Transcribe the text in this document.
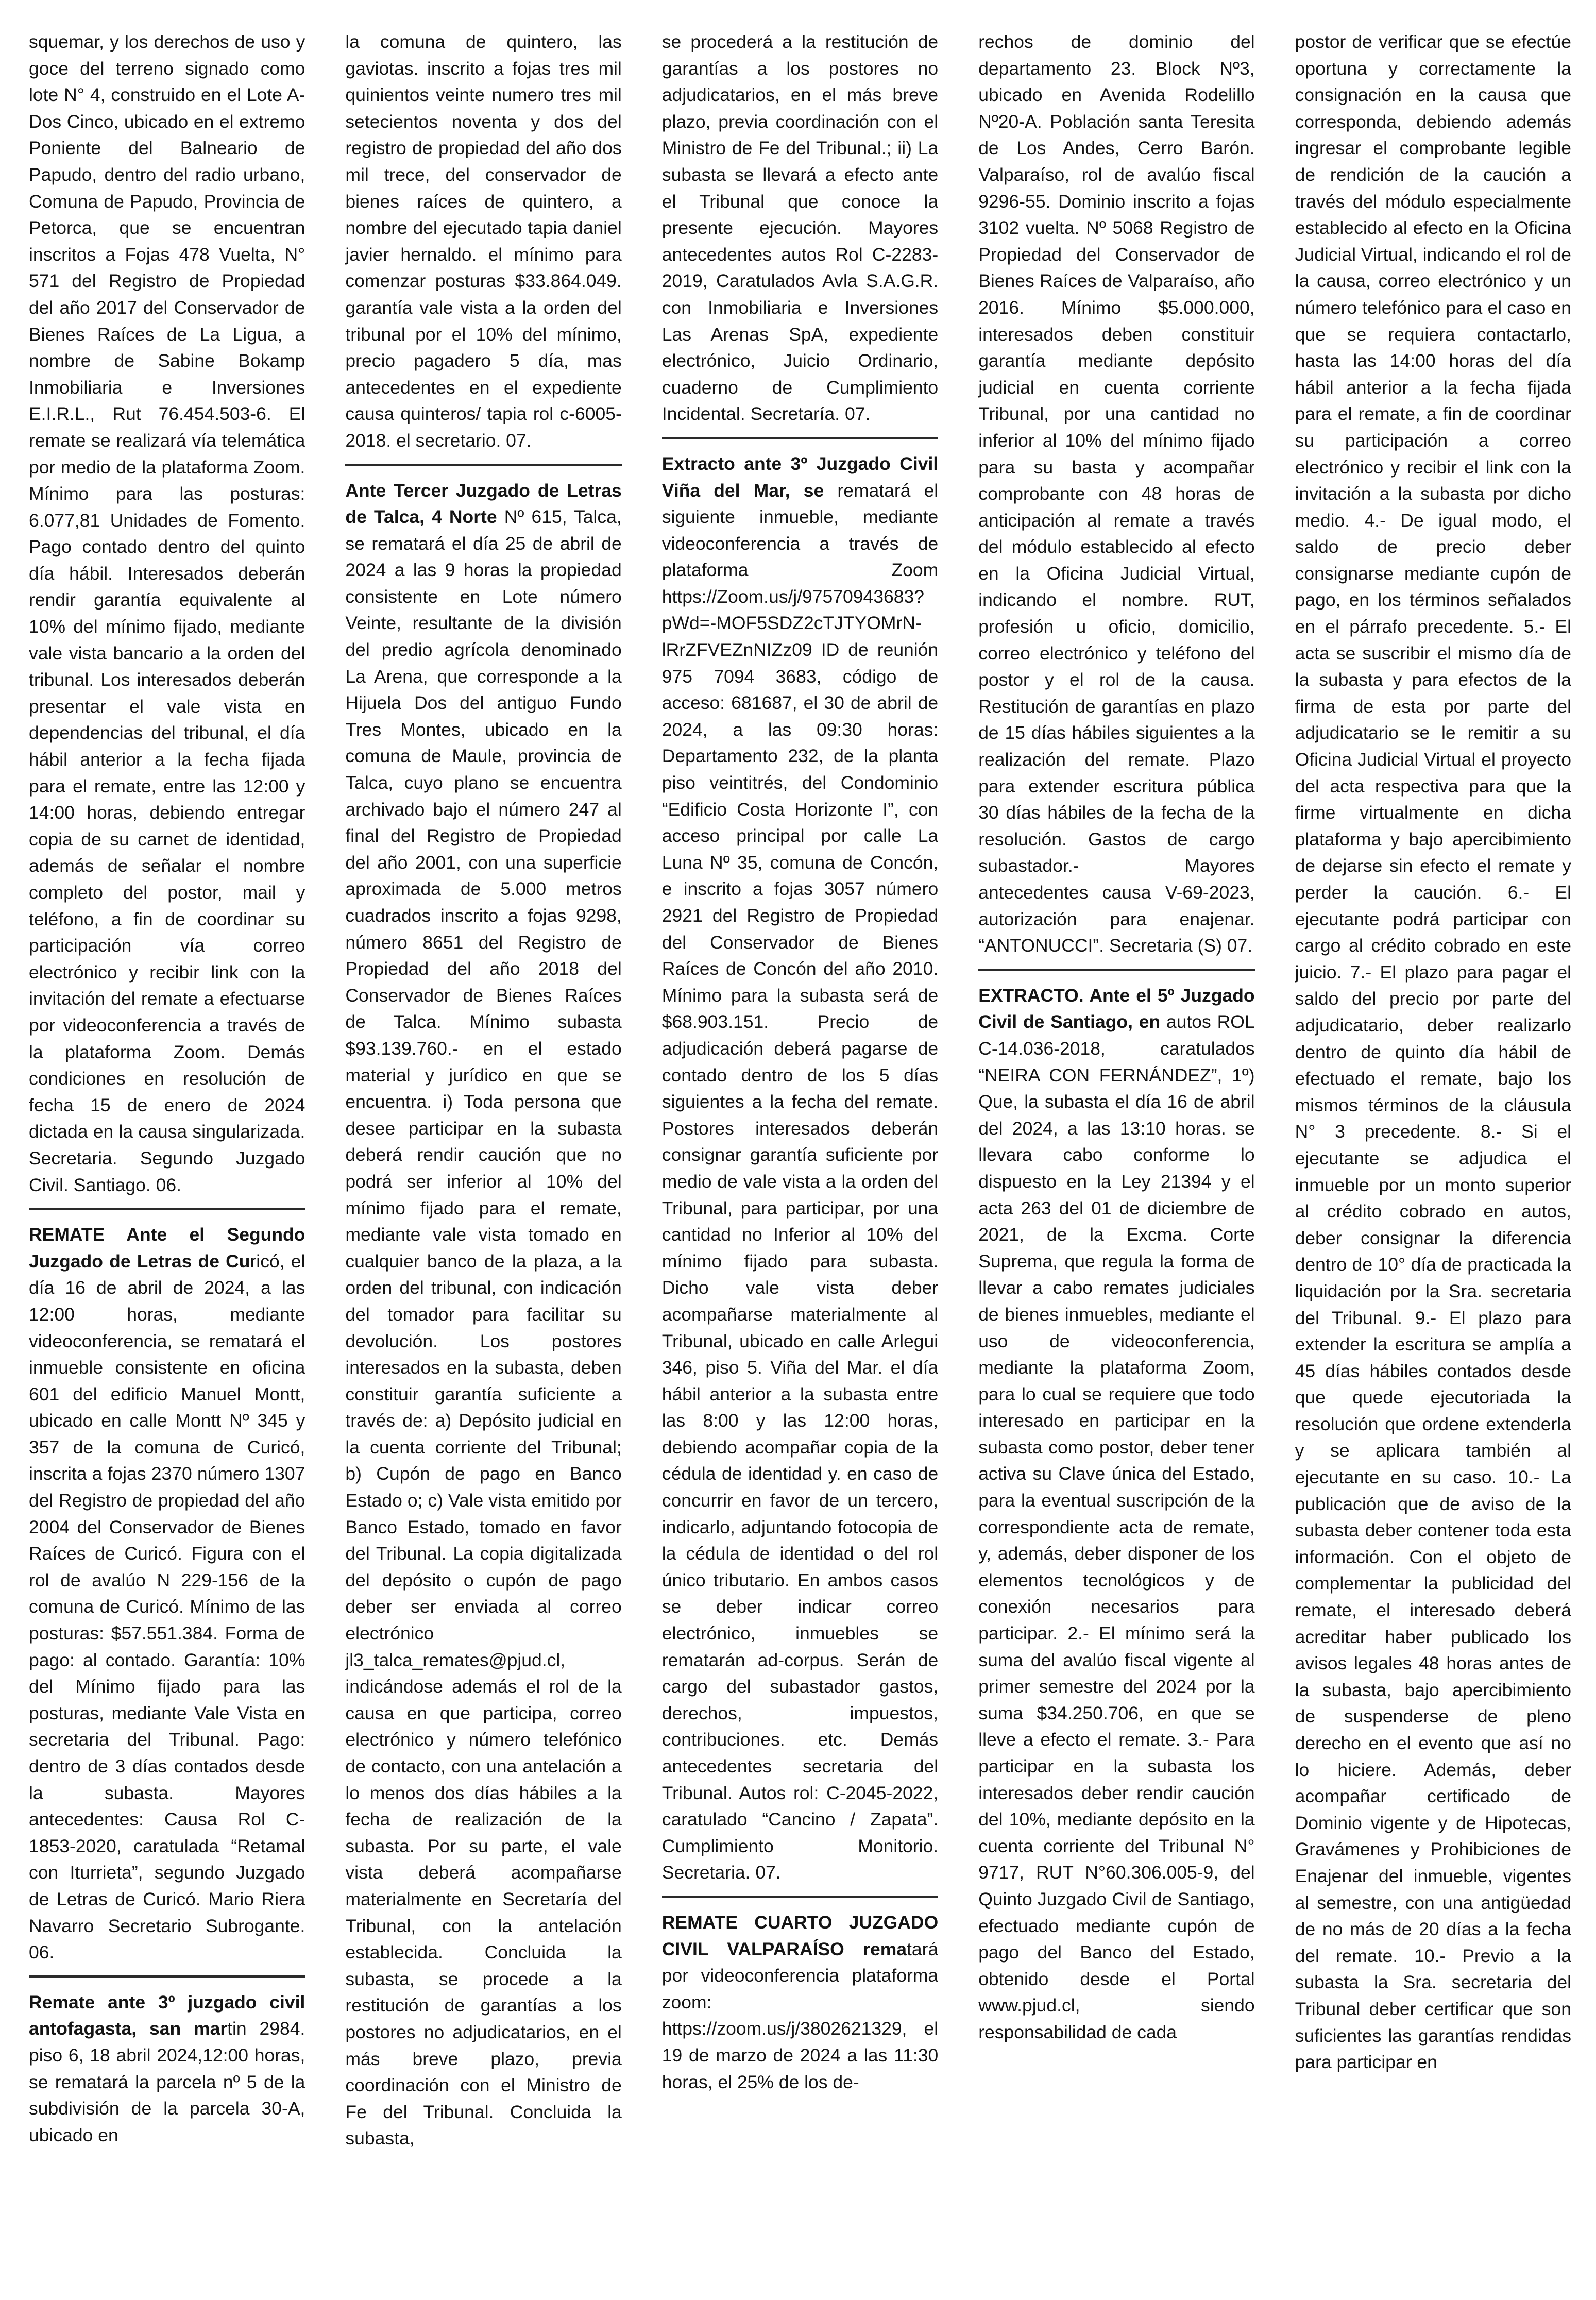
squemar, y los derechos de uso y goce del terreno signado como lote N° 4, construido en el Lote A-Dos Cinco, ubicado en el extremo Poniente del Balneario de Papudo, dentro del radio urbano, Comuna de Papudo, Provincia de Petorca, que se encuentran inscritos a Fojas 478 Vuelta, N° 571 del Registro de Propiedad del año 2017 del Conservador de Bienes Raíces de La Ligua, a nombre de Sabine Bokamp Inmobiliaria e Inversiones E.I.R.L., Rut 76.454.503-6. El remate se realizará vía telemática por medio de la plataforma Zoom. Mínimo para las posturas: 6.077,81 Unidades de Fomento. Pago contado dentro del quinto día hábil. Interesados deberán rendir garantía equivalente al 10% del mínimo fijado, mediante vale vista bancario a la orden del tribunal. Los interesados deberán presentar el vale vista en dependencias del tribunal, el día hábil anterior a la fecha fijada para el remate, entre las 12:00 y 14:00 horas, debiendo entregar copia de su carnet de identidad, además de señalar el nombre completo del postor, mail y teléfono, a fin de coordinar su participación vía correo electrónico y recibir link con la invitación del remate a efectuarse por videoconferencia a través de la plataforma Zoom. Demás condiciones en resolución de fecha 15 de enero de 2024 dictada en la causa singularizada. Secretaria. Segundo Juzgado Civil. Santiago. 06.

REMATE Ante el Segundo Juzgado de Letras de Curicó, el día 16 de abril de 2024, a las 12:00 horas, mediante videoconferencia, se rematará el inmueble consistente en oficina 601 del edificio Manuel Montt, ubicado en calle Montt Nº 345 y 357 de la comuna de Curicó, inscrita a fojas 2370 número 1307 del Registro de propiedad del año 2004 del Conservador de Bienes Raíces de Curicó. Figura con el rol de avalúo N 229-156 de la comuna de Curicó. Mínimo de las posturas: $57.551.384. Forma de pago: al contado. Garantía: 10% del Mínimo fijado para las posturas, mediante Vale Vista en secretaria del Tribunal. Pago: dentro de 3 días contados desde la subasta. Mayores antecedentes: Causa Rol C-1853-2020, caratulada “Retamal con Iturrieta”, segundo Juzgado de Letras de Curicó. Mario Riera Navarro Secretario Subrogante. 06.

Remate ante 3º juzgado civil antofagasta, san martin 2984. piso 6, 18 abril 2024,12:00 horas, se rematará la parcela nº 5 de la subdivisión de la parcela 30-A, ubicado en

la comuna de quintero, las gaviotas. inscrito a fojas tres mil quinientos veinte numero tres mil setecientos noventa y dos del registro de propiedad del año dos mil trece, del conservador de bienes raíces de quintero, a nombre del ejecutado tapia daniel javier hernaldo. el mínimo para comenzar posturas $33.864.049. garantía vale vista a la orden del tribunal por el 10% del mínimo, precio pagadero 5 día, mas antecedentes en el expediente causa quinteros/ tapia rol c-6005-2018. el secretario. 07.

Ante Tercer Juzgado de Letras de Talca, 4 Norte Nº 615, Talca, se rematará el día 25 de abril de 2024 a las 9 horas la propiedad consistente en Lote número Veinte, resultante de la división del predio agrícola denominado La Arena, que corresponde a la Hijuela Dos del antiguo Fundo Tres Montes, ubicado en la comuna de Maule, provincia de Talca, cuyo plano se encuentra archivado bajo el número 247 al final del Registro de Propiedad del año 2001, con una superficie aproximada de 5.000 metros cuadrados inscrito a fojas 9298, número 8651 del Registro de Propiedad del año 2018 del Conservador de Bienes Raíces de Talca. Mínimo subasta $93.139.760.- en el estado material y jurídico en que se encuentra. i) Toda persona que desee participar en la subasta deberá rendir caución que no podrá ser inferior al 10% del mínimo fijado para el remate, mediante vale vista tomado en cualquier banco de la plaza, a la orden del tribunal, con indicación del tomador para facilitar su devolución. Los postores interesados en la subasta, deben constituir garantía suficiente a través de: a) Depósito judicial en la cuenta corriente del Tribunal; b) Cupón de pago en Banco Estado o; c) Vale vista emitido por Banco Estado, tomado en favor del Tribunal. La copia digitalizada del depósito o cupón de pago deber ser enviada al correo electrónico jl3_talca_remates@pjud.cl, indicándose además el rol de la causa en que participa, correo electrónico y número telefónico de contacto, con una antelación a lo menos dos días hábiles a la fecha de realización de la subasta. Por su parte, el vale vista deberá acompañarse materialmente en Secretaría del Tribunal, con la antelación establecida. Concluida la subasta, se procede a la restitución de garantías a los postores no adjudicatarios, en el más breve plazo, previa coordinación con el Ministro de Fe del Tribunal. Concluida la subasta,

se procederá a la restitución de garantías a los postores no adjudicatarios, en el más breve plazo, previa coordinación con el Ministro de Fe del Tribunal.; ii) La subasta se llevará a efecto ante el Tribunal que conoce la presente ejecución. Mayores antecedentes autos Rol C-2283-2019, Caratulados Avla S.A.G.R. con Inmobiliaria e Inversiones Las Arenas SpA, expediente electrónico, Juicio Ordinario, cuaderno de Cumplimiento Incidental. Secretaría. 07.

Extracto ante 3º Juzgado Civil Viña del Mar, se rematará el siguiente inmueble, mediante videoconferencia a través de plataforma Zoom https://Zoom.us/j/97570943683?pWd=-MOF5SDZ2cTJTYOMrN-lRrZFVEZnNIZz09 ID de reunión 975 7094 3683, código de acceso: 681687, el 30 de abril de 2024, a las 09:30 horas: Departamento 232, de la planta piso veintitrés, del Condominio “Edificio Costa Horizonte I”, con acceso principal por calle La Luna Nº 35, comuna de Concón, e inscrito a fojas 3057 número 2921 del Registro de Propiedad del Conservador de Bienes Raíces de Concón del año 2010. Mínimo para la subasta será de $68.903.151. Precio de adjudicación deberá pagarse de contado dentro de los 5 días siguientes a la fecha del remate. Postores interesados deberán consignar garantía suficiente por medio de vale vista a la orden del Tribunal, para participar, por una cantidad no Inferior al 10% del mínimo fijado para subasta. Dicho vale vista deber acompañarse materialmente al Tribunal, ubicado en calle Arlegui 346, piso 5. Viña del Mar. el día hábil anterior a la subasta entre las 8:00 y las 12:00 horas, debiendo acompañar copia de la cédula de identidad y. en caso de concurrir en favor de un tercero, indicarlo, adjuntando fotocopia de la cédula de identidad o del rol único tributario. En ambos casos se deber indicar correo electrónico, inmuebles se rematarán ad-corpus. Serán de cargo del subastador gastos, derechos, impuestos, contribuciones. etc. Demás antecedentes secretaria del Tribunal. Autos rol: C-2045-2022, caratulado “Cancino / Zapata”. Cumplimiento Monitorio. Secretaria. 07.

REMATE CUARTO JUZGADO CIVIL VALPARAÍSO rematará por videoconferencia plataforma zoom: https://zoom.us/j/3802621329, el 19 de marzo de 2024 a las 11:30 horas, el 25% de los de-

rechos de dominio del departamento 23. Block Nº3, ubicado en Avenida Rodelillo Nº20-A. Población santa Teresita de Los Andes, Cerro Barón. Valparaíso, rol de avalúo fiscal 9296-55. Dominio inscrito a fojas 3102 vuelta. Nº 5068 Registro de Propiedad del Conservador de Bienes Raíces de Valparaíso, año 2016. Mínimo $5.000.000, interesados deben constituir garantía mediante depósito judicial en cuenta corriente Tribunal, por una cantidad no inferior al 10% del mínimo fijado para su basta y acompañar comprobante con 48 horas de anticipación al remate a través del módulo establecido al efecto en la Oficina Judicial Virtual, indicando el nombre. RUT, profesión u oficio, domicilio, correo electrónico y teléfono del postor y el rol de la causa. Restitución de garantías en plazo de 15 días hábiles siguientes a la realización del remate. Plazo para extender escritura pública 30 días hábiles de la fecha de la resolución. Gastos de cargo subastador.- Mayores antecedentes causa V-69-2023, autorización para enajenar. “ANTONUCCI”. Secretaria (S) 07.

EXTRACTO. Ante el 5º Juzgado Civil de Santiago, en autos ROL C-14.036-2018, caratulados “NEIRA CON FERNÁNDEZ”, 1º) Que, la subasta el día 16 de abril del 2024, a las 13:10 horas. se llevara cabo conforme lo dispuesto en la Ley 21394 y el acta 263 del 01 de diciembre de 2021, de la Excma. Corte Suprema, que regula la forma de llevar a cabo remates judiciales de bienes inmuebles, mediante el uso de videoconferencia, mediante la plataforma Zoom, para lo cual se requiere que todo interesado en participar en la subasta como postor, deber tener activa su Clave única del Estado, para la eventual suscripción de la correspondiente acta de remate, y, además, deber disponer de los elementos tecnológicos y de conexión necesarios para participar. 2.- El mínimo será la suma del avalúo fiscal vigente al primer semestre del 2024 por la suma $34.250.706, en que se lleve a efecto el remate. 3.- Para participar en la subasta los interesados deber rendir caución del 10%, mediante depósito en la cuenta corriente del Tribunal N° 9717, RUT N°60.306.005-9, del Quinto Juzgado Civil de Santiago, efectuado mediante cupón de pago del Banco del Estado, obtenido desde el Portal www.pjud.cl, siendo responsabilidad de cada

postor de verificar que se efectúe oportuna y correctamente la consignación en la causa que corresponda, debiendo además ingresar el comprobante legible de rendición de la caución a través del módulo especialmente establecido al efecto en la Oficina Judicial Virtual, indicando el rol de la causa, correo electrónico y un número telefónico para el caso en que se requiera contactarlo, hasta las 14:00 horas del día hábil anterior a la fecha fijada para el remate, a fin de coordinar su participación a correo electrónico y recibir el link con la invitación a la subasta por dicho medio. 4.- De igual modo, el saldo de precio deber consignarse mediante cupón de pago, en los términos señalados en el párrafo precedente. 5.- El acta se suscribir el mismo día de la subasta y para efectos de la firma de esta por parte del adjudicatario se le remitir a su Oficina Judicial Virtual el proyecto del acta respectiva para que la firme virtualmente en dicha plataforma y bajo apercibimiento de dejarse sin efecto el remate y perder la caución. 6.- El ejecutante podrá participar con cargo al crédito cobrado en este juicio. 7.- El plazo para pagar el saldo del precio por parte del adjudicatario, deber realizarlo dentro de quinto día hábil de efectuado el remate, bajo los mismos términos de la cláusula N° 3 precedente. 8.- Si el ejecutante se adjudica el inmueble por un monto superior al crédito cobrado en autos, deber consignar la diferencia dentro de 10° día de practicada la liquidación por la Sra. secretaria del Tribunal. 9.- El plazo para extender la escritura se amplía a 45 días hábiles contados desde que quede ejecutoriada la resolución que ordene extenderla y se aplicara también al ejecutante en su caso. 10.- La publicación que de aviso de la subasta deber contener toda esta información. Con el objeto de complementar la publicidad del remate, el interesado deberá acreditar haber publicado los avisos legales 48 horas antes de la subasta, bajo apercibimiento de suspenderse de pleno derecho en el evento que así no lo hiciere. Además, deber acompañar certificado de Dominio vigente y de Hipotecas, Gravámenes y Prohibiciones de Enajenar del inmueble, vigentes al semestre, con una antigüedad de no más de 20 días a la fecha del remate. 10.- Previo a la subasta la Sra. secretaria del Tribunal deber certificar que son suficientes las garantías rendidas para participar en
